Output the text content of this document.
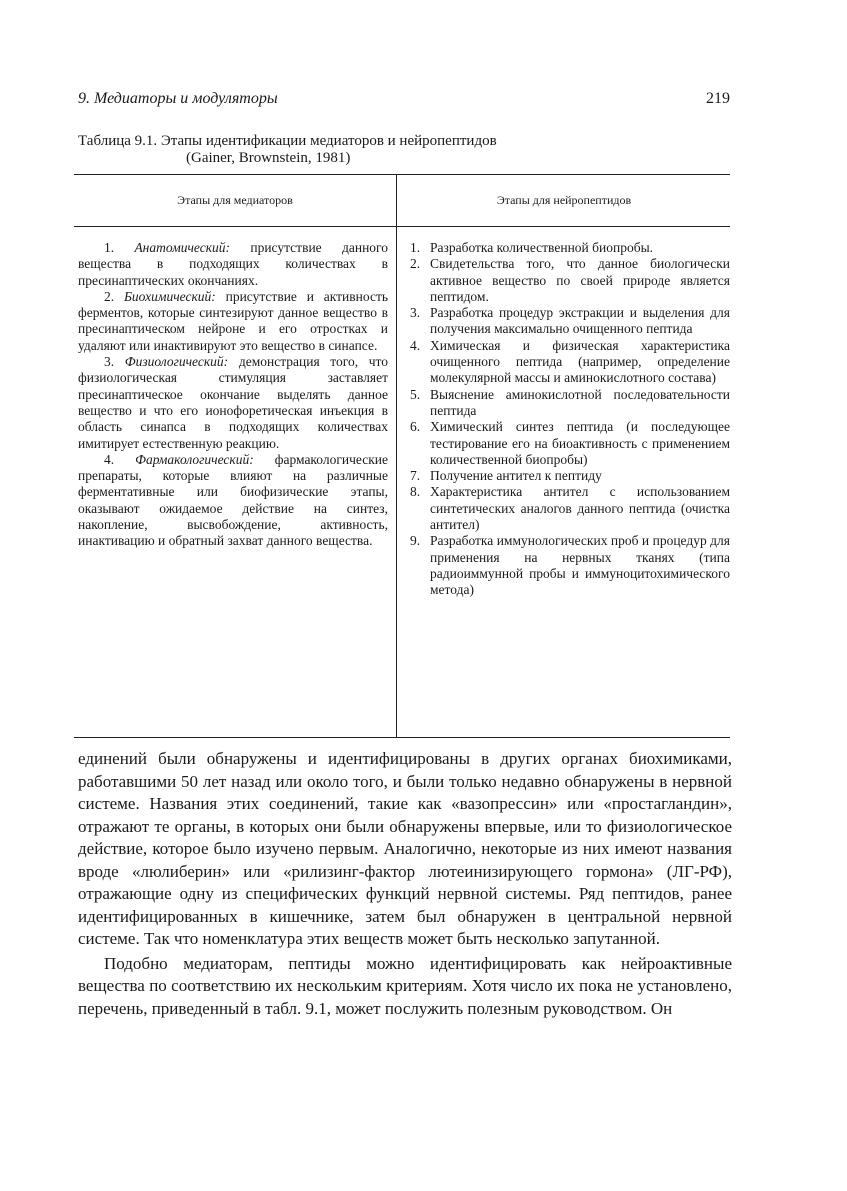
9. Медиаторы и модуляторы	219
Таблица 9.1. Этапы идентификации медиаторов и нейропептидов
(Gainer, Brownstein, 1981)
Этапы для медиаторов	Этапы для нейропептидов

1. Анатомический: присутствие данного вещества в подходящих количествах в пресинаптических окончаниях.

2. Биохимический: присутствие и активность ферментов, которые синтезируют данное вещество в пресинаптическом нейроне и его отростках и удаляют или инактивируют это вещество в синапсе.

3. Физиологический: демонстрация того, что физиологическая стимуляция заставляет пресинаптическое окончание выделять данное вещество и что его ионофоретическая инъекция в область синапса в подходящих количествах имитирует естественную реакцию.

4. Фармакологический: фармакологические препараты, которые влияют на различные ферментативные или биофизические этапы, оказывают ожидаемое действие на синтез, накопление, высвобождение, активность, инактивацию и обратный захват данного вещества.

1. Разработка количественной биопробы.
2. Свидетельства того, что данное биологически активное вещество по своей природе является пептидом.
3. Разработка процедур экстракции и выделения для получения максимально очищенного пептида
4. Химическая и физическая характеристика очищенного пептида (например, определение молекулярной массы и аминокислотного состава)
5. Выяснение аминокислотной последовательности пептида
6. Химический синтез пептида (и последующее тестирование его на биоактивность с применением количественной биопробы)
7. Получение антител к пептиду
8. Характеристика антител с использованием синтетических аналогов данного пептида (очистка антител)
9. Разработка иммунологических проб и процедур для применения на нервных тканях (типа радиоиммунной пробы и иммуноцитохимического метода)

единений были обнаружены и идентифицированы в других органах биохимиками, работавшими 50 лет назад или около того, и были только недавно обнаружены в нервной системе. Названия этих соединений, такие как «вазопрессин» или «простагландин», отражают те органы, в которых они были обнаружены впервые, или то физиологическое действие, которое было изучено первым. Аналогично, некоторые из них имеют названия вроде «люлиберин» или «рилизинг-фактор лютеинизирующего гормона» (ЛГ-РФ), отражающие одну из специфических функций нервной системы. Ряд пептидов, ранее идентифицированных в кишечнике, затем был обнаружен в центральной нервной системе. Так что номенклатура этих веществ может быть несколько запутанной.

Подобно медиаторам, пептиды можно идентифицировать как нейроактивные вещества по соответствию их нескольким критериям. Хотя число их пока не установлено, перечень, приведенный в табл. 9.1, может послужить полезным руководством. Он
